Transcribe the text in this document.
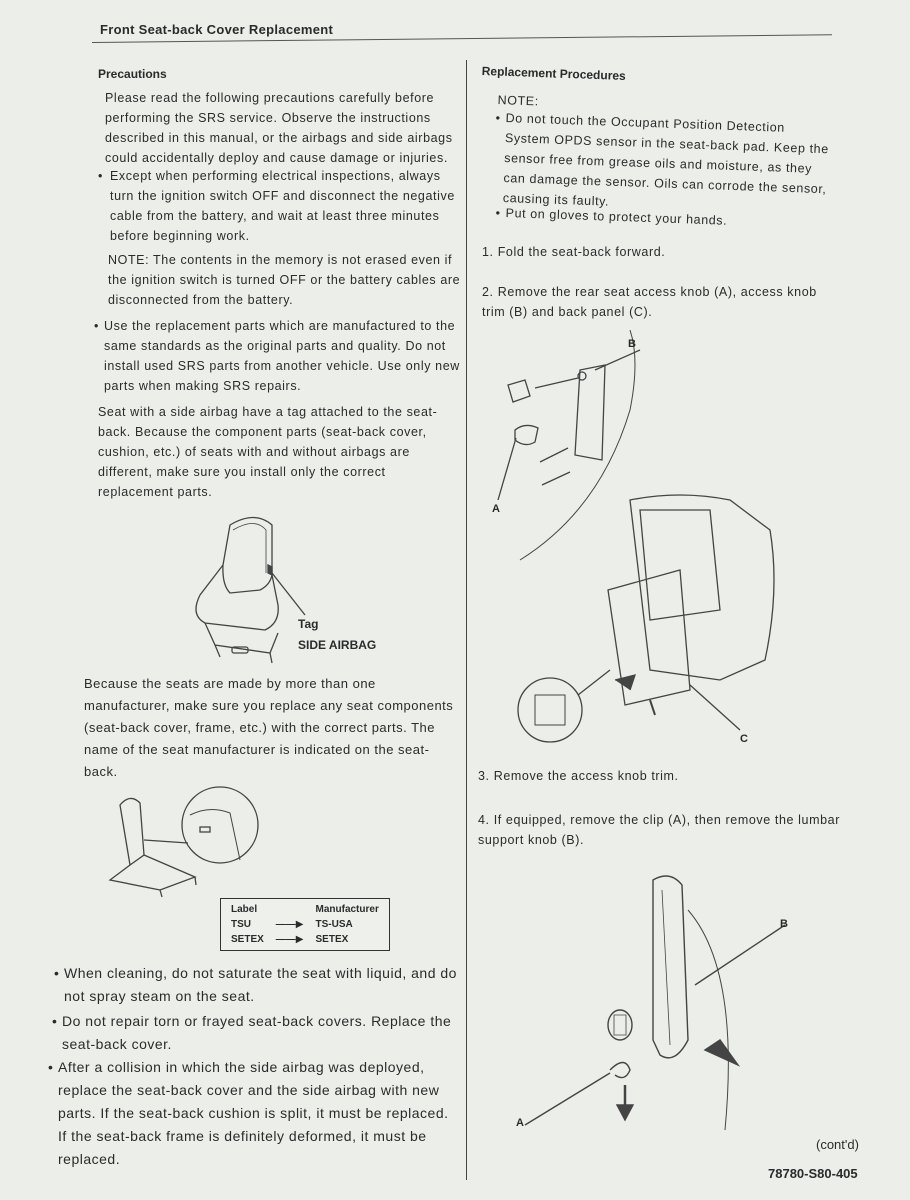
Front Seat-back Cover Replacement
Precautions
Please read the following precautions carefully before performing the SRS service. Observe the instructions described in this manual, or the airbags and side airbags could accidentally deploy and cause damage or injuries.
• Except when performing electrical inspections, always turn the ignition switch OFF and disconnect the negative cable from the battery, and wait at least three minutes before beginning work.
NOTE: The contents in the memory is not erased even if the ignition switch is turned OFF or the battery cables are disconnected from the battery.
• Use the replacement parts which are manufactured to the same standards as the original parts and quality. Do not install used SRS parts from another vehicle. Use only new parts when making SRS repairs.
Seat with a side airbag have a tag attached to the seat-back. Because the component parts (seat-back cover, cushion, etc.) of seats with and without airbags are different, make sure you install only the correct replacement parts.
Tag
SIDE AIRBAG
Because the seats are made by more than one manufacturer, make sure you replace any seat components (seat-back cover, frame, etc.) with the correct parts. The name of the seat manufacturer is indicated on the seat-back.
Label		Manufacturer
TSU	——▶	TS-USA
SETEX	——▶	SETEX
• When cleaning, do not saturate the seat with liquid, and do not spray steam on the seat.
• Do not repair torn or frayed seat-back covers. Replace the seat-back cover.
• After a collision in which the side airbag was deployed, replace the seat-back cover and the side airbag with new parts. If the seat-back cushion is split, it must be replaced. If the seat-back frame is definitely deformed, it must be replaced.
Replacement Procedures
NOTE:
• Do not touch the Occupant Position Detection System OPDS sensor in the seat-back pad. Keep the sensor free from grease oils and moisture, as they can damage the sensor. Oils can corrode the sensor, causing its faulty.
• Put on gloves to protect your hands.
1. Fold the seat-back forward.
2. Remove the rear seat access knob (A), access knob trim (B) and back panel (C).
B
A
C
3. Remove the access knob trim.
4. If equipped, remove the clip (A), then remove the lumbar support knob (B).
B
A
(cont'd)
78780-S80-405
